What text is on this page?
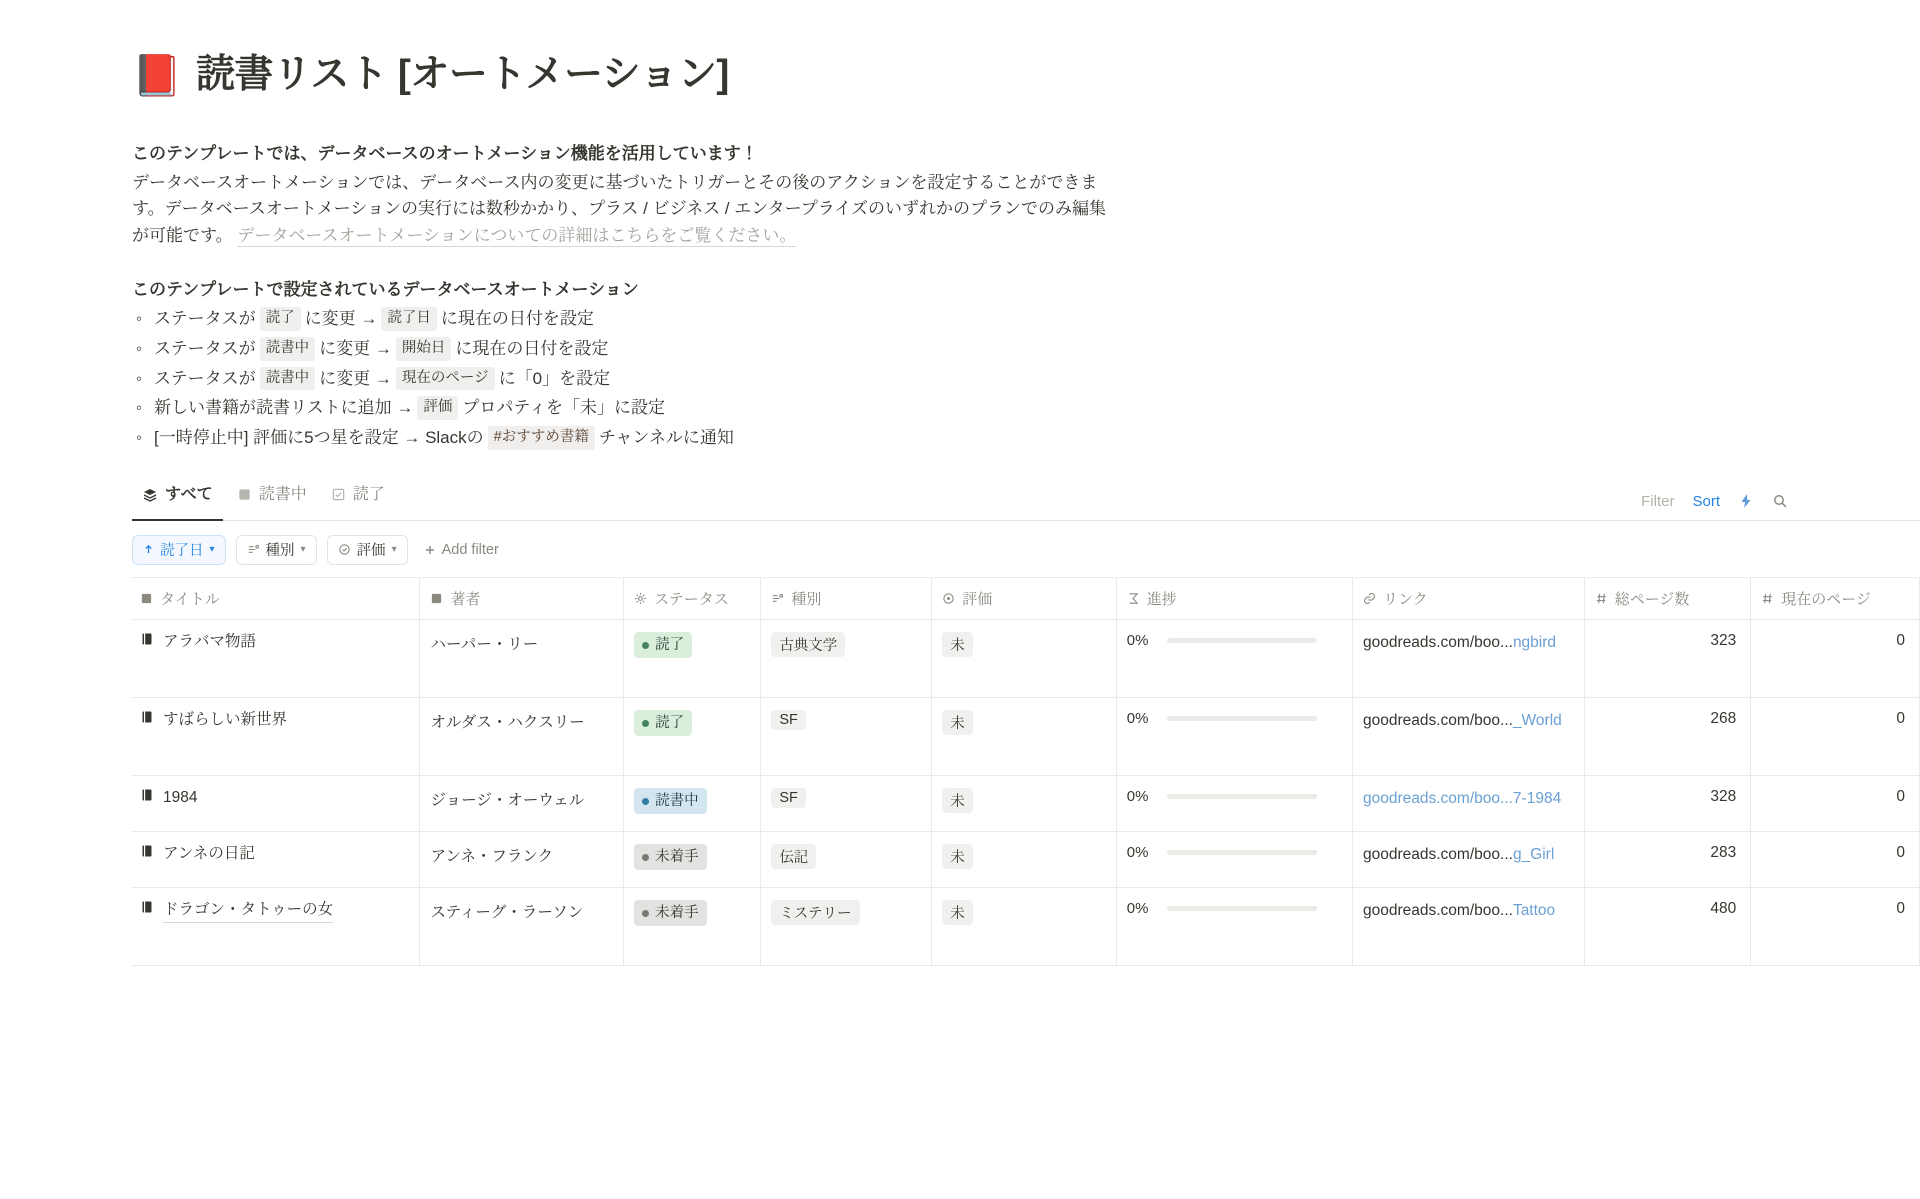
📕 読書リスト [オートメーション]
このテンプレートでは、データベースのオートメーション機能を活用しています！
データベースオートメーションでは、データベース内の変更に基づいたトリガーとその後のアクションを設定することができます。データベースオートメーションの実行には数秒かかり、プラス / ビジネス / エンタープライズのいずれかのプランでのみ編集が可能です。 データベースオートメーションについての詳細はこちらをご覧ください。
このテンプレートで設定されているデータベースオートメーション
◦ ステータスが 読了 に変更 → 読了日 に現在の日付を設定
◦ ステータスが 読書中 に変更 → 開始日 に現在の日付を設定
◦ ステータスが 読書中 に変更 → 現在のページ に「0」を設定
◦ 新しい書籍が読書リストに追加 → 評価 プロパティを「未」に設定
◦ [一時停止中] 評価に5つ星を設定 → Slackの #おすすめ書籍 チャンネルに通知
すべて	読書中	読了	Filter Sort
読了日 ▾	種別 ▾	評価 ▾	Add filter
タイトル	著者	ステータス	種別	評価	進捗	リンク	総ページ数	現在のページ

アラバマ物語	ハーパー・リー	読了	古典文学	未	0%	goodreads.com/boo...ngbird	323	0

すばらしい新世界	オルダス・ハクスリー	読了	SF	未	0%	goodreads.com/boo..._World	268	0

1984	ジョージ・オーウェル	読書中	SF	未	0%	goodreads.com/boo...7-1984	328	0

アンネの日記	アンネ・フランク	未着手	伝記	未	0%	goodreads.com/boo...g_Girl	283	0

ドラゴン・タトゥーの女	スティーグ・ラーソン	未着手	ミステリー	未	0%	goodreads.com/boo...Tattoo	480	0
